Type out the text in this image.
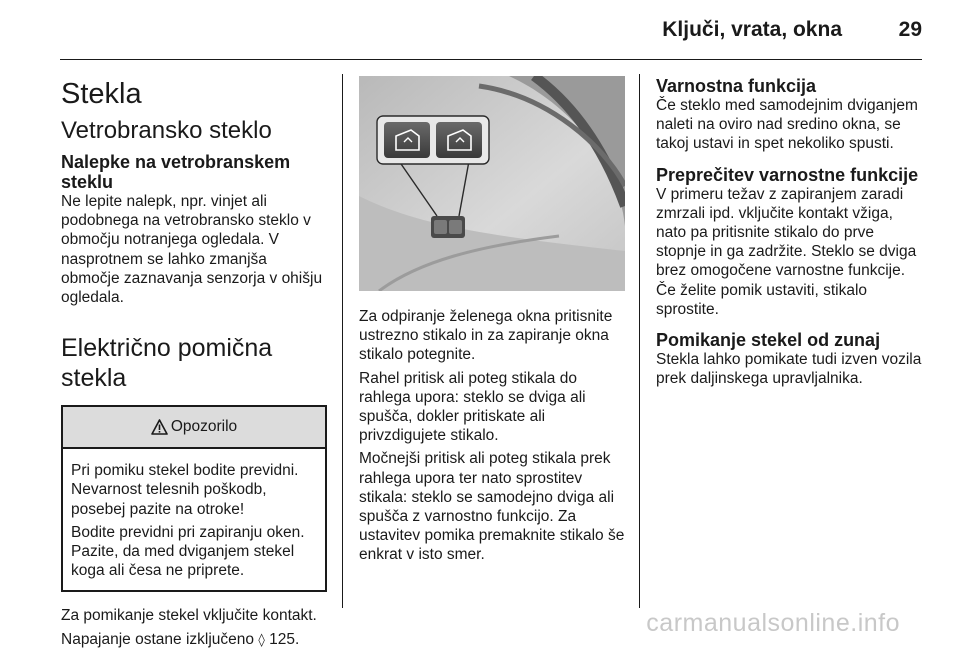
Ključi, vrata, okna	29
Stekla
Vetrobransko steklo
Nalepke na vetrobranskem steklu

Ne lepite nalepk, npr. vinjet ali podobnega na vetrobransko steklo v območju notranjega ogledala. V nasprotnem se lahko zmanjša območje zaznavanja senzorja v ohišju ogledala.

Električno pomična stekla
Opozorilo

Pri pomiku stekel bodite previdni. Nevarnost telesnih poškodb, posebej pazite na otroke!

Bodite previdni pri zapiranju oken. Pazite, da med dviganjem stekel koga ali česa ne priprete.

Za pomikanje stekel vključite kontakt.

Napajanje ostane izključeno ◊ 125.

Za odpiranje želenega okna pritisnite ustrezno stikalo in za zapiranje okna stikalo potegnite.

Rahel pritisk ali poteg stikala do rahlega upora: steklo se dviga ali spušča, dokler pritiskate ali privzdigujete stikalo.

Močnejši pritisk ali poteg stikala prek rahlega upora ter nato sprostitev stikala: steklo se samodejno dviga ali spušča z varnostno funkcijo. Za ustavitev pomika premaknite stikalo še enkrat v isto smer.

Varnostna funkcija

Če steklo med samodejnim dviganjem naleti na oviro nad sredino okna, se takoj ustavi in spet nekoliko spusti.

Preprečitev varnostne funkcije

V primeru težav z zapiranjem zaradi zmrzali ipd. vključite kontakt vžiga, nato pa pritisnite stikalo do prve stopnje in ga zadržite. Steklo se dviga brez omogočene varnostne funkcije. Če želite pomik ustaviti, stikalo sprostite.

Pomikanje stekel od zunaj

Stekla lahko pomikate tudi izven vozila prek daljinskega upravljalnika.

carmanualsonline.info
